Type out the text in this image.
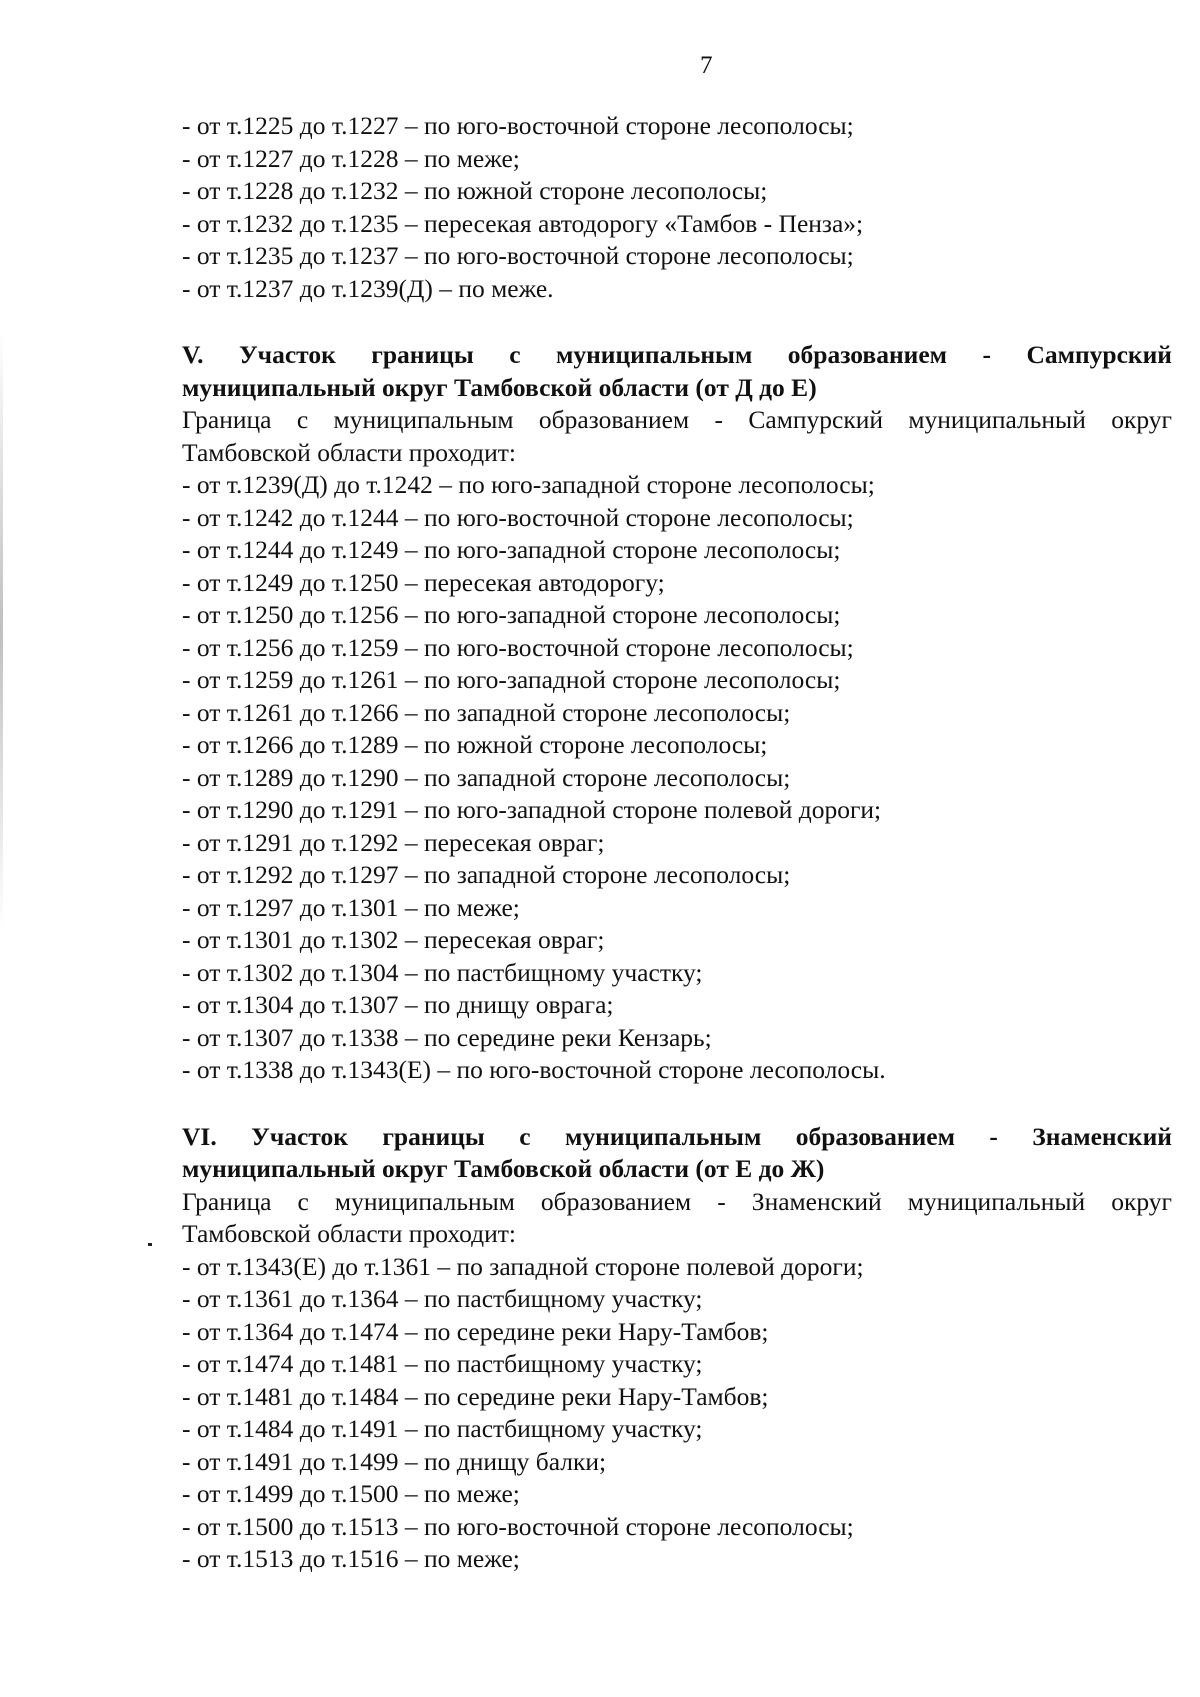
7
- от т.1225 до т.1227 – по юго-восточной стороне лесополосы;
- от т.1227 до т.1228 – по меже;
- от т.1228 до т.1232 – по южной стороне лесополосы;
- от т.1232 до т.1235 – пересекая автодорогу «Тамбов - Пенза»;
- от т.1235 до т.1237 – по юго-восточной стороне лесополосы;
- от т.1237 до т.1239(Д) – по меже.
V. Участок границы с муниципальным образованием - Сампурский
муниципальный округ Тамбовской области (от Д до Е)
Граница с муниципальным образованием - Сампурский муниципальный округ
Тамбовской области проходит:
- от т.1239(Д) до т.1242 – по юго-западной стороне лесополосы;
- от т.1242 до т.1244 – по юго-восточной стороне лесополосы;
- от т.1244 до т.1249 – по юго-западной стороне лесополосы;
- от т.1249 до т.1250 – пересекая автодорогу;
- от т.1250 до т.1256 – по юго-западной стороне лесополосы;
- от т.1256 до т.1259 – по юго-восточной стороне лесополосы;
- от т.1259 до т.1261 – по юго-западной стороне лесополосы;
- от т.1261 до т.1266 – по западной стороне лесополосы;
- от т.1266 до т.1289 – по южной стороне лесополосы;
- от т.1289 до т.1290 – по западной стороне лесополосы;
- от т.1290 до т.1291 – по юго-западной стороне полевой дороги;
- от т.1291 до т.1292 – пересекая овраг;
- от т.1292 до т.1297 – по западной стороне лесополосы;
- от т.1297 до т.1301 – по меже;
- от т.1301 до т.1302 – пересекая овраг;
- от т.1302 до т.1304 – по пастбищному участку;
- от т.1304 до т.1307 – по днищу оврага;
- от т.1307 до т.1338 – по середине реки Кензарь;
- от т.1338 до т.1343(Е) – по юго-восточной стороне лесополосы.
VI. Участок границы с муниципальным образованием - Знаменский
муниципальный округ Тамбовской области (от Е до Ж)
Граница с муниципальным образованием - Знаменский муниципальный округ
Тамбовской области проходит:
- от т.1343(Е) до т.1361 – по западной стороне полевой дороги;
- от т.1361 до т.1364 – по пастбищному участку;
- от т.1364 до т.1474 – по середине реки Нару-Тамбов;
- от т.1474 до т.1481 – по пастбищному участку;
- от т.1481 до т.1484 – по середине реки Нару-Тамбов;
- от т.1484 до т.1491 – по пастбищному участку;
- от т.1491 до т.1499 – по днищу балки;
- от т.1499 до т.1500 – по меже;
- от т.1500 до т.1513 – по юго-восточной стороне лесополосы;
- от т.1513 до т.1516 – по меже;
